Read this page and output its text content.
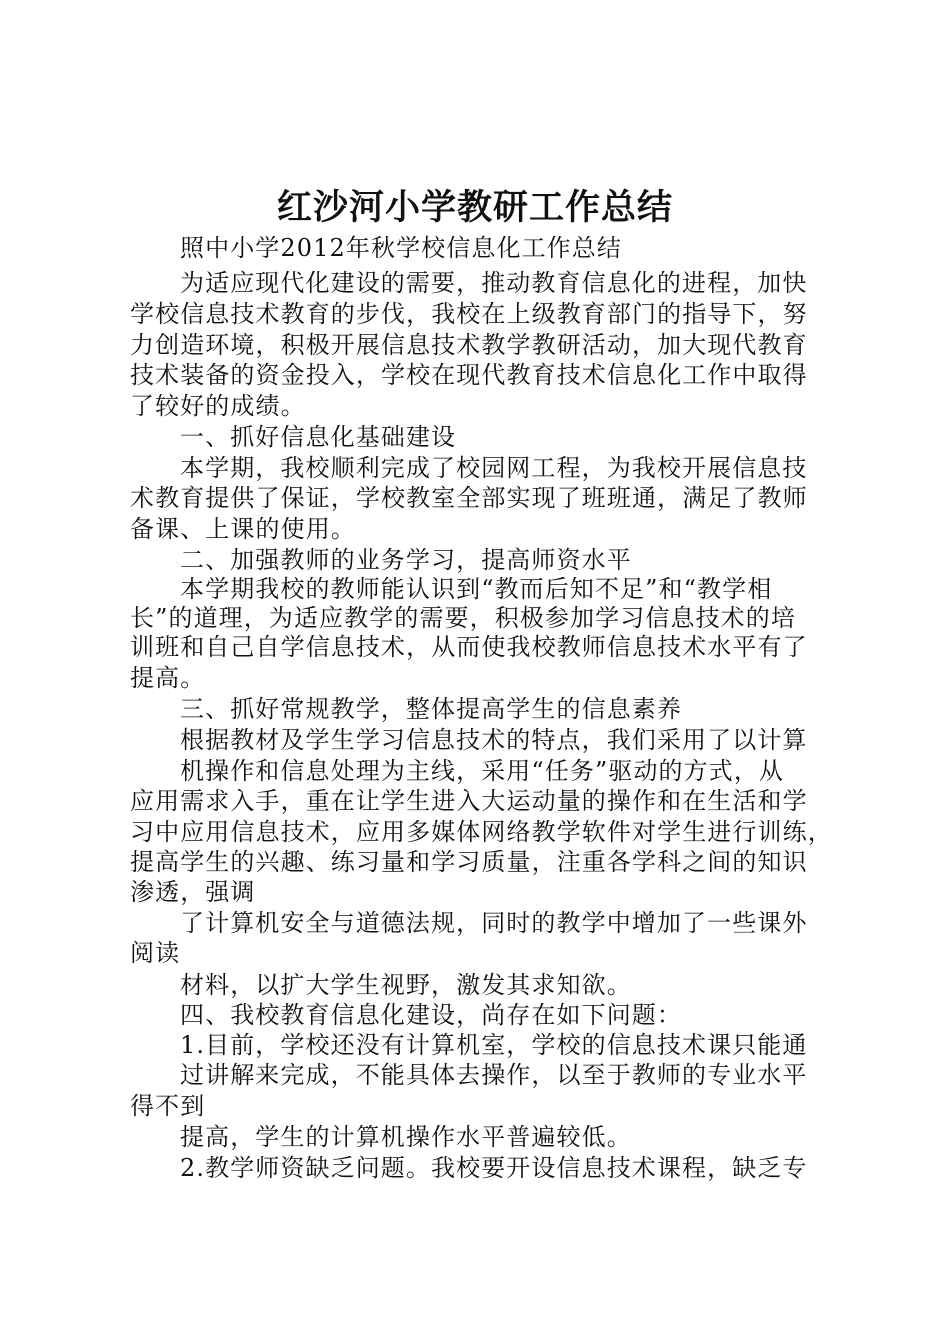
红沙河小学教研工作总结
照中小学2012年秋学校信息化工作总结
为适应现代化建设的需要，推动教育信息化的进程，加快
学校信息技术教育的步伐，我校在上级教育部门的指导下，努
力创造环境，积极开展信息技术教学教研活动，加大现代教育
技术装备的资金投入，学校在现代教育技术信息化工作中取得
了较好的成绩。
一、抓好信息化基础建设
本学期，我校顺利完成了校园网工程，为我校开展信息技
术教育提供了保证，学校教室全部实现了班班通，满足了教师
备课、上课的使用。
二、加强教师的业务学习，提高师资水平
本学期我校的教师能认识到“教而后知不足”和“教学相
长”的道理，为适应教学的需要，积极参加学习信息技术的培
训班和自己自学信息技术，从而使我校教师信息技术水平有了
提高。
三、抓好常规教学，整体提高学生的信息素养
根据教材及学生学习信息技术的特点，我们采用了以计算
机操作和信息处理为主线，采用“任务”驱动的方式，从
应用需求入手，重在让学生进入大运动量的操作和在生活和学
习中应用信息技术，应用多媒体网络教学软件对学生进行训练，
提高学生的兴趣、练习量和学习质量，注重各学科之间的知识
渗透，强调
了计算机安全与道德法规，同时的教学中增加了一些课外
阅读
材料，以扩大学生视野，激发其求知欲。
四、我校教育信息化建设，尚存在如下问题：
1.目前，学校还没有计算机室，学校的信息技术课只能通
过讲解来完成，不能具体去操作，以至于教师的专业水平
得不到
提高，学生的计算机操作水平普遍较低。
2.教学师资缺乏问题。我校要开设信息技术课程，缺乏专
